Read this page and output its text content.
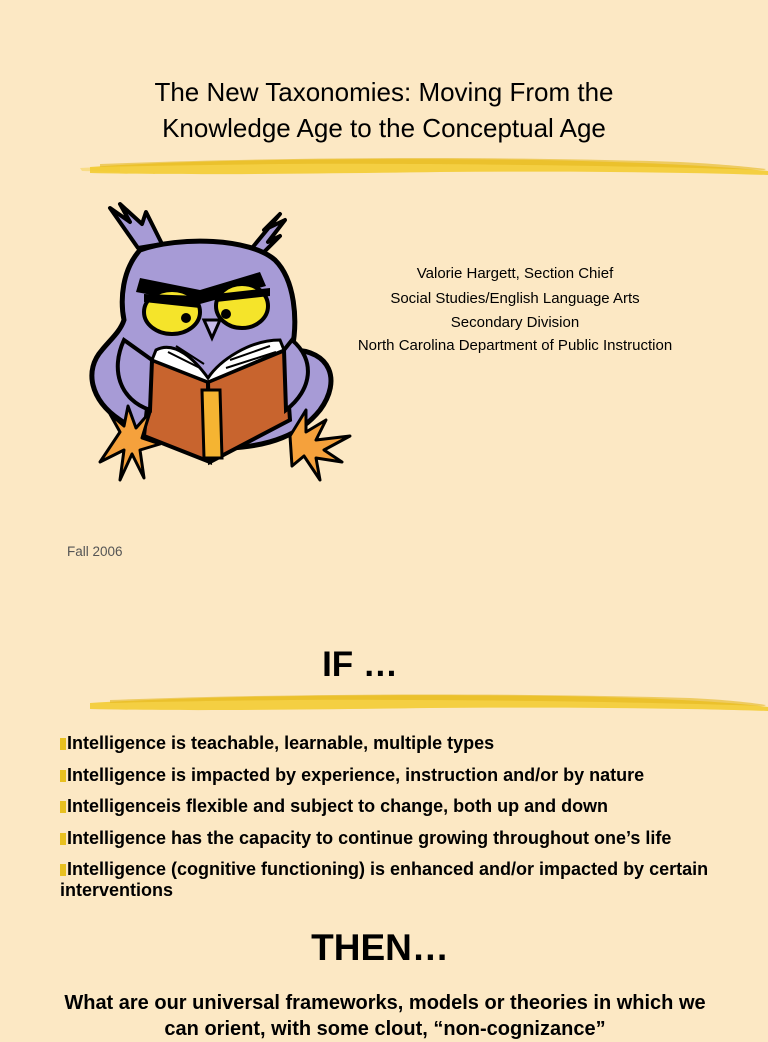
The New Taxonomies: Moving From the
Knowledge Age to the Conceptual Age
Valorie Hargett, Section Chief
Social Studies/English Language Arts
Secondary Division
North Carolina Department of Public Instruction
Fall 2006
IF …
Intelligence is teachable, learnable, multiple types
Intelligence is impacted by experience, instruction and/or by nature
Intelligenceis flexible and subject to change, both up and down
Intelligence has the capacity to continue growing throughout one’s life
Intelligence (cognitive functioning) is enhanced and/or impacted by certain interventions
THEN…

What are our universal frameworks, models or theories in which we can orient, with some clout, “non-cognizance”
